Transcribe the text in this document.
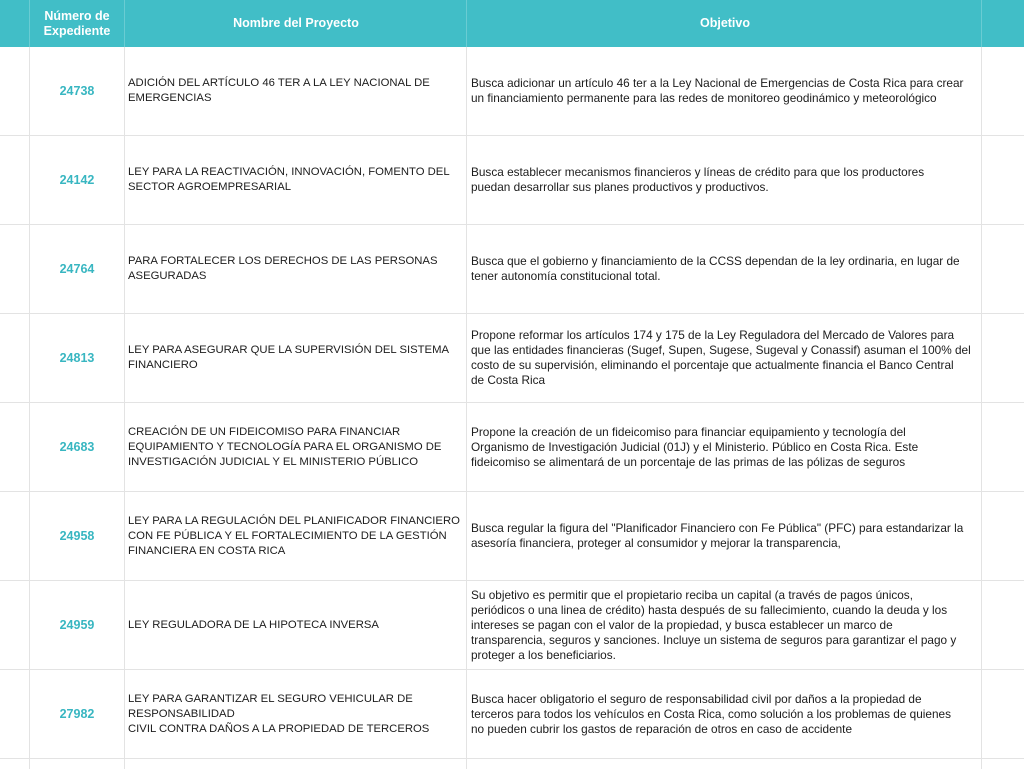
Número de Expediente
Nombre del Proyecto	Objetivo
24738
ADICIÓN DEL ARTÍCULO 46 TER A LA LEY NACIONAL DE
EMERGENCIAS
Busca adicionar un artículo 46 ter a la Ley Nacional de Emergencias de Costa Rica para crear
un financiamiento permanente para las redes de monitoreo geodinámico y meteorológico
24142
LEY PARA LA REACTIVACIÓN, INNOVACIÓN, FOMENTO DEL
SECTOR AGROEMPRESARIAL
Busca establecer mecanismos financieros y líneas de crédito para que los productores
puedan desarrollar sus planes productivos y productivos.
24764
PARA FORTALECER LOS DERECHOS DE LAS PERSONAS
ASEGURADAS
Busca que el gobierno y financiamiento de la CCSS dependan de la ley ordinaria, en lugar de
tener autonomía constitucional total.
24813
LEY PARA ASEGURAR QUE LA SUPERVISIÓN DEL SISTEMA
FINANCIERO
Propone reformar los artículos 174 y 175 de la Ley Reguladora del Mercado de Valores para
que las entidades financieras (Sugef, Supen, Sugese, Sugeval y Conassif) asuman el 100% del
costo de su supervisión, eliminando el porcentaje que actualmente financia el Banco Central
de Costa Rica
24683
CREACIÓN DE UN FIDEICOMISO PARA FINANCIAR
EQUIPAMIENTO Y TECNOLOGÍA PARA EL ORGANISMO DE
INVESTIGACIÓN JUDICIAL Y EL MINISTERIO PÚBLICO
Propone la creación de un fideicomiso para financiar equipamiento y tecnología del
Organismo de Investigación Judicial (01J) y el Ministerio. Público en Costa Rica. Este
fideicomiso se alimentará de un porcentaje de las primas de las pólizas de seguros
24958
LEY PARA LA REGULACIÓN DEL PLANIFICADOR FINANCIERO
CON FE PÚBLICA Y EL FORTALECIMIENTO DE LA GESTIÓN
FINANCIERA EN COSTA RICA
Busca regular la figura del "Planificador Financiero con Fe Pública" (PFC) para estandarizar la
asesoría financiera, proteger al consumidor y mejorar la transparencia,
24959	LEY REGULADORA DE LA HIPOTECA INVERSA
Su objetivo es permitir que el propietario reciba un capital (a través de pagos únicos,
periódicos o una linea de crédito) hasta después de su fallecimiento, cuando la deuda y los
intereses se pagan con el valor de la propiedad, y busca establecer un marco de
transparencia, seguros y sanciones. Incluye un sistema de seguros para garantizar el pago y
proteger a los beneficiarios.
27982
LEY PARA GARANTIZAR EL SEGURO VEHICULAR DE
RESPONSABILIDAD
CIVIL CONTRA DAÑOS A LA PROPIEDAD DE TERCEROS
Busca hacer obligatorio el seguro de responsabilidad civil por daños a la propiedad de
terceros para todos los vehículos en Costa Rica, como solución a los problemas de quienes
no pueden cubrir los gastos de reparación de otros en caso de accidente
